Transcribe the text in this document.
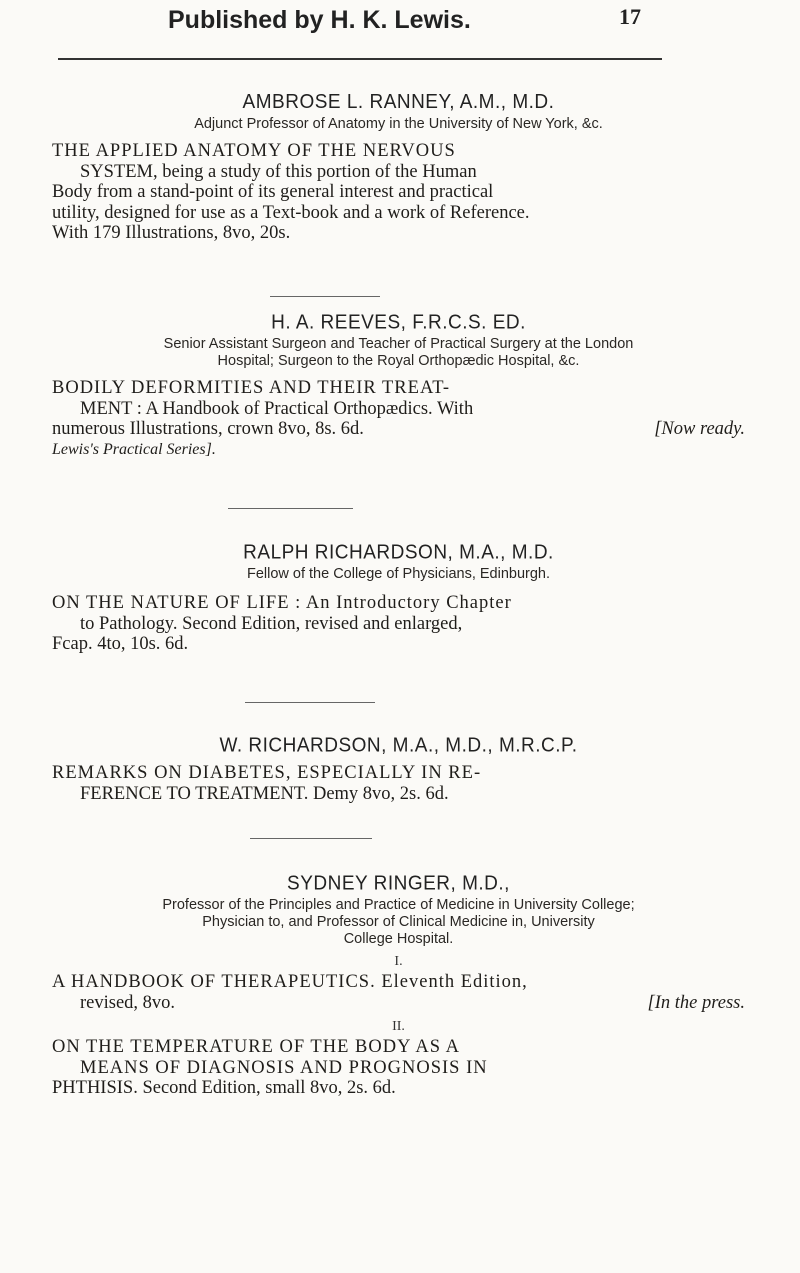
Published by H. K. Lewis.	17
AMBROSE L. RANNEY, A.M., M.D.
Adjunct Professor of Anatomy in the University of New York, &c.
THE APPLIED ANATOMY OF THE NERVOUS
SYSTEM, being a study of this portion of the Human
Body from a stand-point of its general interest and practical
utility, designed for use as a Text-book and a work of Reference.
With 179 Illustrations, 8vo, 20s.
H. A. REEVES, F.R.C.S. ED.
Senior Assistant Surgeon and Teacher of Practical Surgery at the London
Hospital; Surgeon to the Royal Orthopædic Hospital, &c.
BODILY DEFORMITIES AND THEIR TREAT-
MENT : A Handbook of Practical Orthopædics. With
numerous Illustrations, crown 8vo, 8s. 6d.	[Now ready.
Lewis's Practical Series].
RALPH RICHARDSON, M.A., M.D.
Fellow of the College of Physicians, Edinburgh.
ON THE NATURE OF LIFE : An Introductory Chapter
to Pathology. Second Edition, revised and enlarged,
Fcap. 4to, 10s. 6d.
W. RICHARDSON, M.A., M.D., M.R.C.P.
REMARKS ON DIABETES, ESPECIALLY IN RE-
FERENCE TO TREATMENT. Demy 8vo, 2s. 6d.
SYDNEY RINGER, M.D.,
Professor of the Principles and Practice of Medicine in University College;
Physician to, and Professor of Clinical Medicine in, University
College Hospital.
I.
A HANDBOOK OF THERAPEUTICS. Eleventh Edition,
revised, 8vo.	[In the press.
II.
ON THE TEMPERATURE OF THE BODY AS A
MEANS OF DIAGNOSIS AND PROGNOSIS IN
PHTHISIS. Second Edition, small 8vo, 2s. 6d.
